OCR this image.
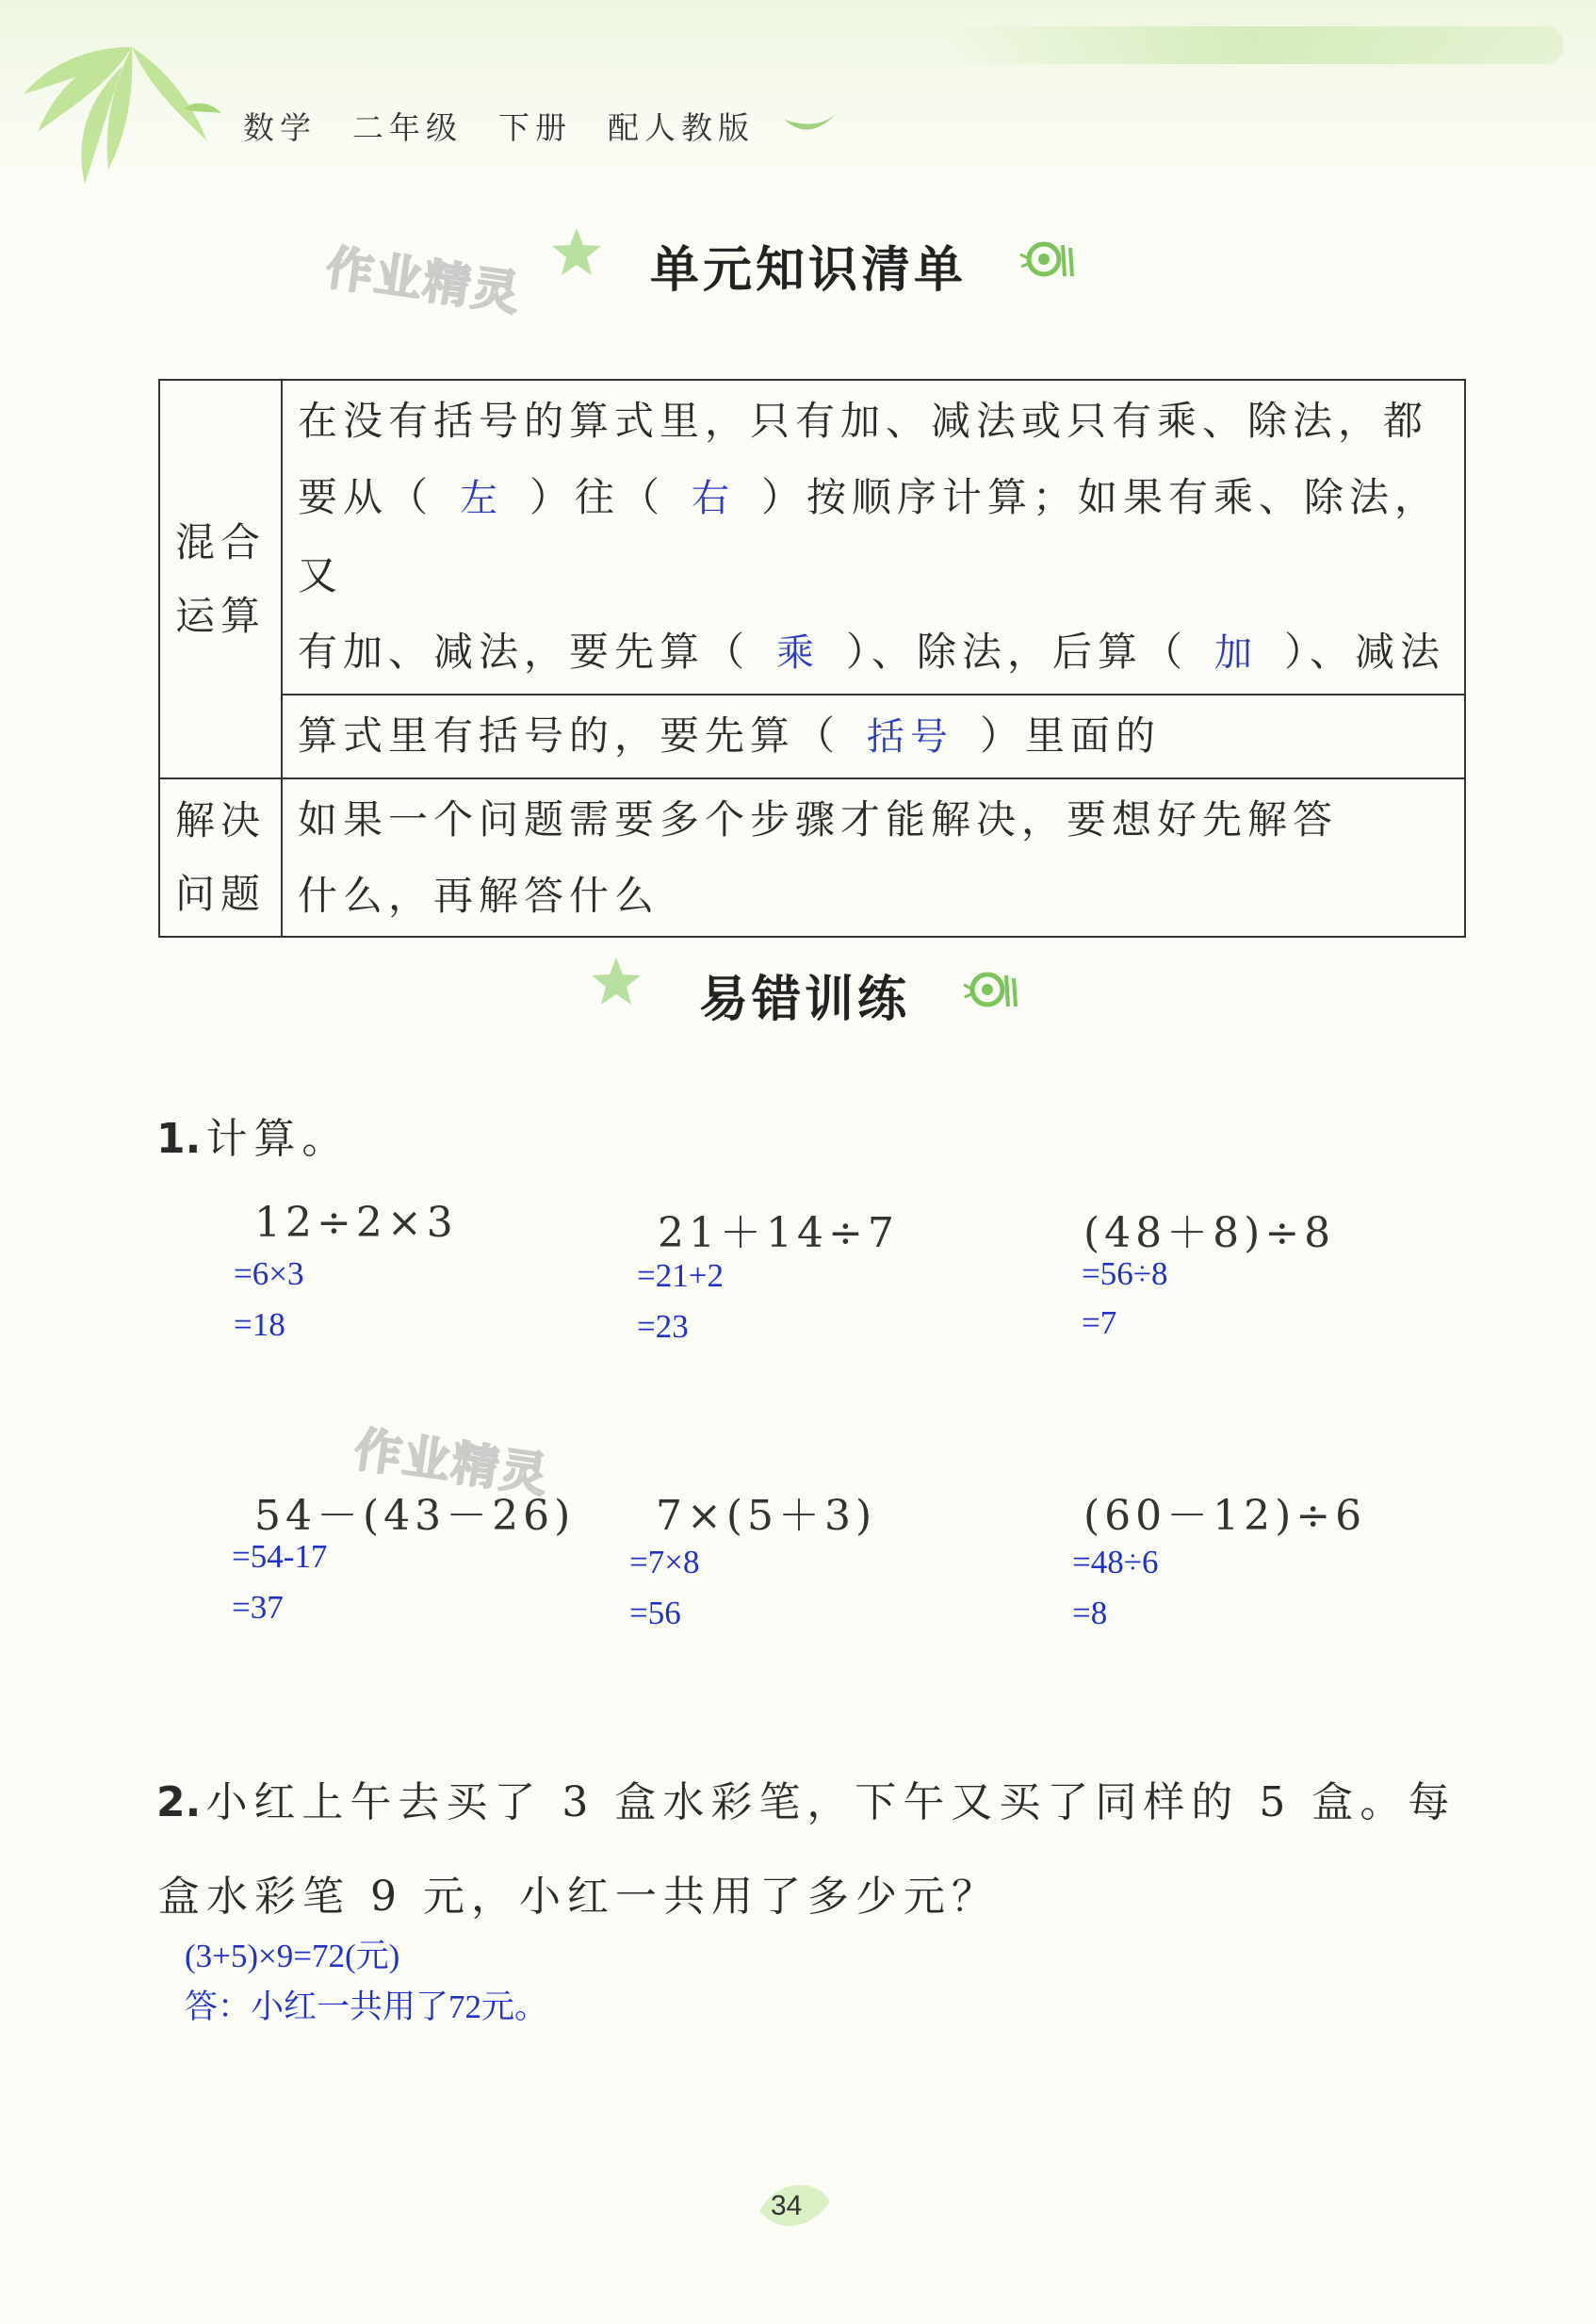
数学 二年级 下册 配人教版
单元知识清单
作业精灵
混合运算	在没有括号的算式里，只有加、减法或只有乘、除法，都
要从（ 左 ）往（ 右 ）按顺序计算；如果有乘、除法，又
有加、减法，要先算（ 乘 ）、除法，后算（ 加 ）、减法

	算式里有括号的，要先算（ 括号 ）里面的
解决问题	如果一个问题需要多个步骤才能解决，要想好先解答
什么，再解答什么
易错训练
1. 计算。
12÷2×3
=6×3
=18
21＋14÷7
=21+2
=23
(48＋8)÷8
=56÷8
=7
作业精灵
54－(43－26)
=54-17
=37
7×(5＋3)
=7×8
=56
(60－12)÷6
=48÷6
=8
2. 小红上午去买了 3 盒水彩笔，下午又买了同样的 5 盒。每
盒水彩笔 9 元，小红一共用了多少元？
(3+5)×9=72(元)
答：小红一共用了72元。
34
